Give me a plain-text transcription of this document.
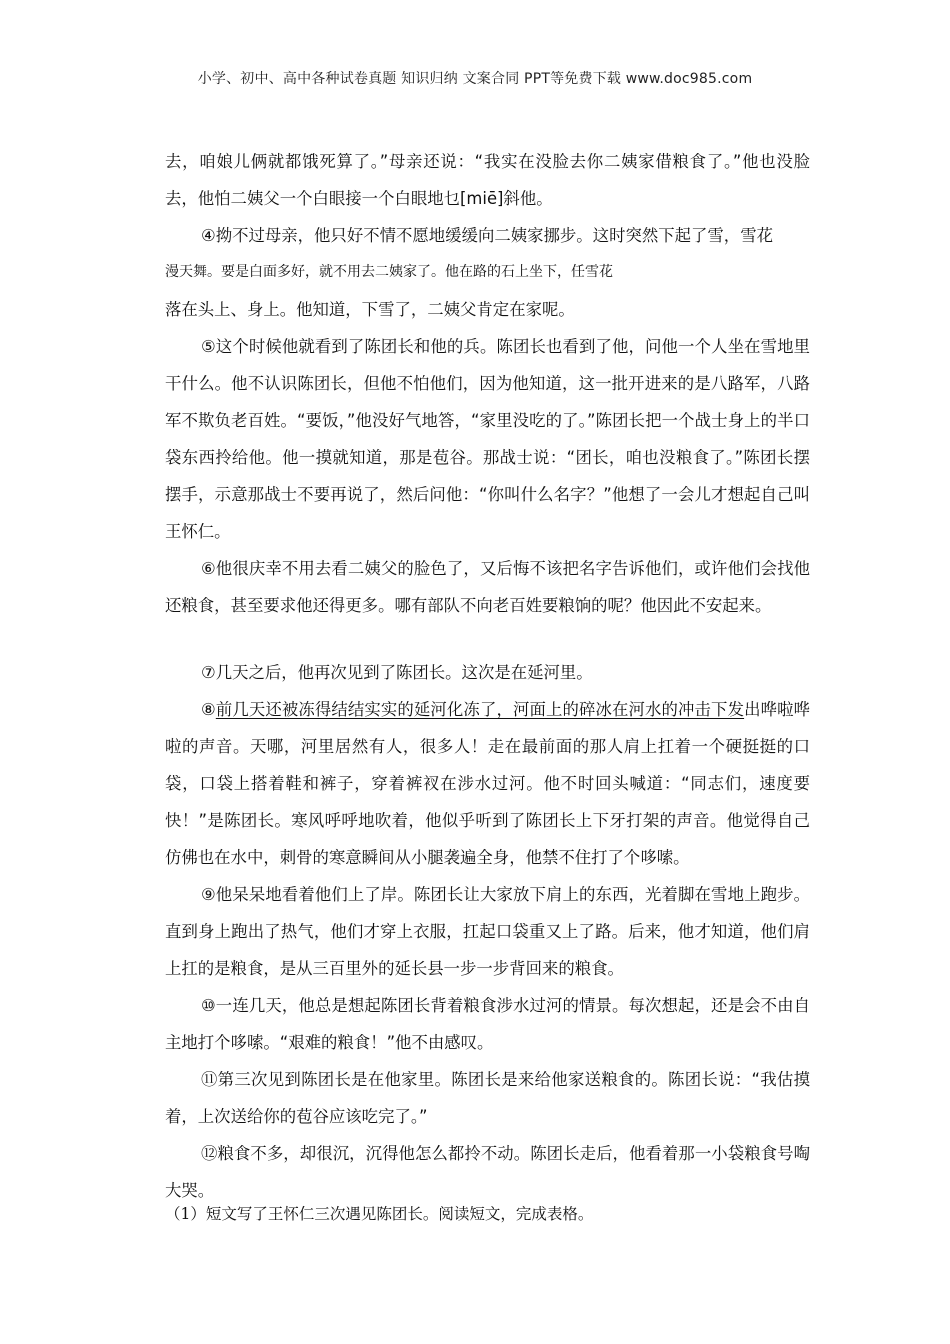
小学、初中、高中各种试卷真题 知识归纳 文案合同 PPT等免费下载 www.doc985.com

去，咱娘儿俩就都饿死算了。”母亲还说：“我实在没脸去你二姨家借粮食了。”他也没脸去，他怕二姨父一个白眼接一个白眼地乜[miē]斜他。

④拗不过母亲，他只好不情不愿地缓缓向二姨家挪步。这时突然下起了雪，雪花

漫天舞。要是白面多好，就不用去二姨家了。他在路的石上坐下，任雪花

落在头上、身上。他知道，下雪了，二姨父肯定在家呢。

⑤这个时候他就看到了陈团长和他的兵。陈团长也看到了他，问他一个人坐在雪地里干什么。他不认识陈团长，但他不怕他们，因为他知道，这一批开进来的是八路军，八路军不欺负老百姓。“要饭，”他没好气地答，“家里没吃的了。”陈团长把一个战士身上的半口袋东西拎给他。他一摸就知道，那是苞谷。那战士说：“团长，咱也没粮食了。”陈团长摆摆手，示意那战士不要再说了，然后问他：“你叫什么名字？”他想了一会儿才想起自己叫王怀仁。

⑥他很庆幸不用去看二姨父的脸色了，又后悔不该把名字告诉他们，或许他们会找他还粮食，甚至要求他还得更多。哪有部队不向老百姓要粮饷的呢？他因此不安起来。

⑦几天之后，他再次见到了陈团长。这次是在延河里。

⑧前几天还被冻得结结实实的延河化冻了，河面上的碎冰在河水的冲击下发出哗啦哗啦的声音。天哪，河里居然有人，很多人！走在最前面的那人肩上扛着一个硬挺挺的口袋，口袋上搭着鞋和裤子，穿着裤衩在涉水过河。他不时回头喊道：“同志们，速度要快！”是陈团长。寒风呼呼地吹着，他似乎听到了陈团长上下牙打架的声音。他觉得自己仿佛也在水中，刺骨的寒意瞬间从小腿袭遍全身，他禁不住打了个哆嗦。

⑨他呆呆地看着他们上了岸。陈团长让大家放下肩上的东西，光着脚在雪地上跑步。直到身上跑出了热气，他们才穿上衣服，扛起口袋重又上了路。后来，他才知道，他们肩上扛的是粮食，是从三百里外的延长县一步一步背回来的粮食。

⑩一连几天，他总是想起陈团长背着粮食涉水过河的情景。每次想起，还是会不由自主地打个哆嗦。“艰难的粮食！”他不由感叹。

⑪第三次见到陈团长是在他家里。陈团长是来给他家送粮食的。陈团长说：“我估摸着，上次送给你的苞谷应该吃完了。”

⑫粮食不多，却很沉，沉得他怎么都拎不动。陈团长走后，他看着那一小袋粮食号啕大哭。

（1）短文写了王怀仁三次遇见陈团长。阅读短文，完成表格。
